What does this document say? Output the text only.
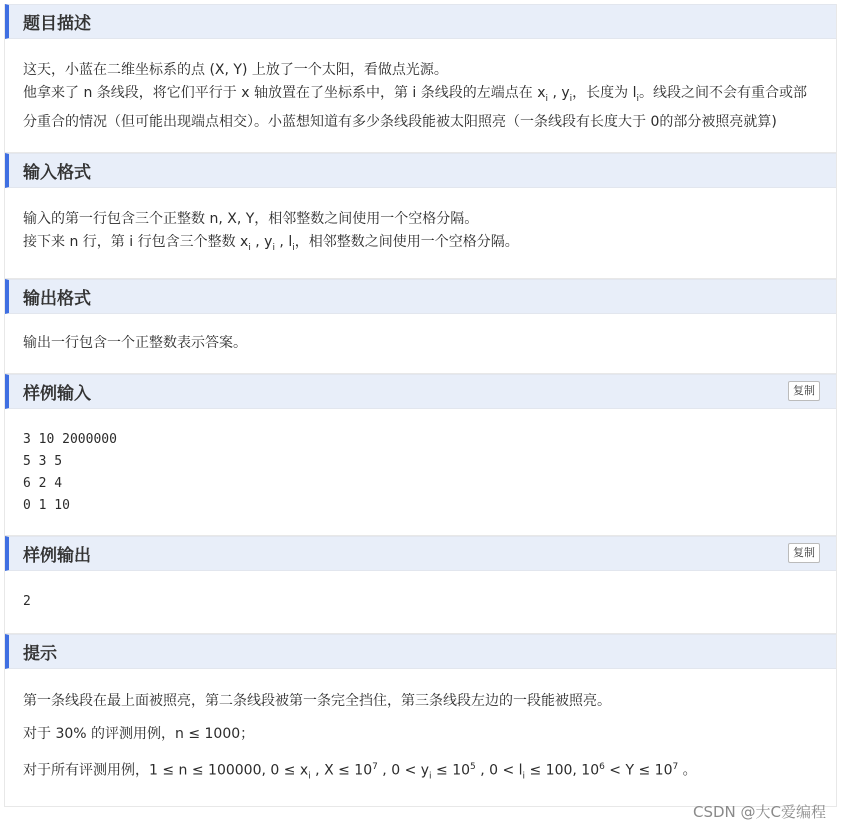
题目描述

这天，小蓝在二维坐标系的点 (X, Y) 上放了一个太阳，看做点光源。

他拿来了 n 条线段，将它们平行于 x 轴放置在了坐标系中，第 i 条线段的左端点在 $x_i$ , $y_i$，长度为 $l_i$。线段之间不会有重合或部分重合的情况（但可能出现端点相交）。小蓝想知道有多少条线段能被太阳照亮（一条线段有长度大于 0的部分被照亮就算)

输入格式

输入的第一行包含三个正整数 n, X, Y，相邻整数之间使用一个空格分隔。

接下来 n 行，第 i 行包含三个整数 $x_i$ , $y_i$ , $l_i$，相邻整数之间使用一个空格分隔。

输出格式

输出一行包含一个正整数表示答案。

样例输入	复制
3 10 2000000
5 3 5
6 2 4
0 1 10
样例输出	复制
2
提示

第一条线段在最上面被照亮，第二条线段被第一条完全挡住，第三条线段左边的一段能被照亮。

对于 30% 的评测用例，n ≤ 1000；

对于所有评测用例，1 ≤ n ≤ 100000, $0 \le x_i$ , $X \le 10^7$ , $0 < y_i \le 10^5$ , $0 < l_i \le 100$, $10^6 < Y \le 10^7$ 。

CSDN @大C爱编程
